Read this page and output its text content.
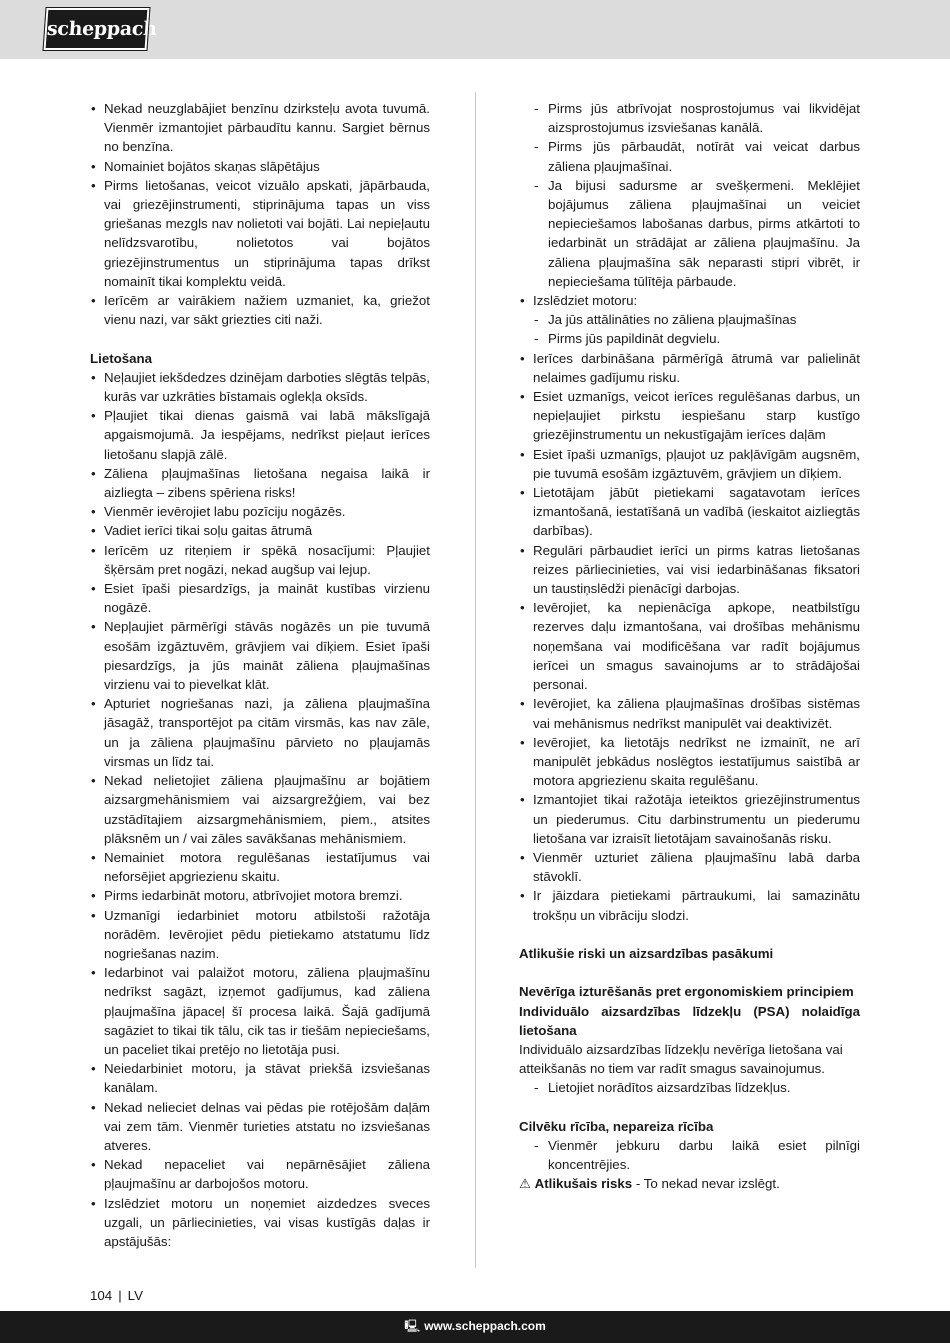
scheppach
• Nekad neuzglabājiet benzīnu dzirksteļu avota tuvumā. Vienmēr izmantojiet pārbaudītu kannu. Sargiet bērnus no benzīna.
• Nomainiet bojātos skaņas slāpētājus
• Pirms lietošanas, veicot vizuālo apskati, jāpārbauda, vai griezējinstrumenti, stiprinājuma tapas un viss griešanas mezgls nav nolietoti vai bojāti. Lai nepieļautu nelīdzsvarotību, nolietotos vai bojātos griezējinstrumentus un stiprinājuma tapas drīkst nomainīt tikai komplektu veidā.
• Ierīcēm ar vairākiem nažiem uzmaniet, ka, griežot vienu nazi, var sākt griezties citi naži.
Lietošana
• Neļaujiet iekšdedzes dzinējam darboties slēgtās telpās, kurās var uzkrāties bīstamais oglekļa oksīds.
• Pļaujiet tikai dienas gaismā vai labā mākslīgajā apgaismojumā. Ja iespējams, nedrīkst pieļaut ierīces lietošanu slapjā zālē.
• Zāliena pļaujmašīnas lietošana negaisa laikā ir aizliegta – zibens spēriena risks!
• Vienmēr ievērojiet labu pozīciju nogāzēs.
• Vadiet ierīci tikai soļu gaitas ātrumā
• Ierīcēm uz riteņiem ir spēkā nosacījumi: Pļaujiet šķērsām pret nogāzi, nekad augšup vai lejup.
• Esiet īpaši piesardzīgs, ja maināt kustības virzienu nogāzē.
• Nepļaujiet pārmērīgi stāvās nogāzēs un pie tuvumā esošām izgāztuvēm, grāvjiem vai dīķiem. Esiet īpaši piesardzīgs, ja jūs maināt zāliena pļaujmašīnas virzienu vai to pievelkat klāt.
• Apturiet nogriešanas nazi, ja zāliena pļaujmašīna jāsagāž, transportējot pa citām virsmās, kas nav zāle, un ja zāliena pļaujmašīnu pārvieto no pļaujamās virsmas un līdz tai.
• Nekad nelietojiet zāliena pļaujmašīnu ar bojātiem aizsargmehānismiem vai aizsargrežģiem, vai bez uzstādītajiem aizsargmehānismiem, piem., atsites plāksnēm un / vai zāles savākšanas mehānismiem.
• Nemainiet motora regulēšanas iestatījumus vai neforsējiet apgriezienu skaitu.
• Pirms iedarbināt motoru, atbrīvojiet motora bremzi.
• Uzmanīgi iedarbiniet motoru atbilstoši ražotāja norādēm. Ievērojiet pēdu pietiekamo atstatumu līdz nogriešanas nazim.
• Iedarbinot vai palaižot motoru, zāliena pļaujmašīnu nedrīkst sagāzt, izņemot gadījumus, kad zāliena pļaujmašīna jāpaceļ šī procesa laikā. Šajā gadījumā sagāziet to tikai tik tālu, cik tas ir tiešām nepieciešams, un paceliet tikai pretējo no lietotāja pusi.
• Neiedarbiniet motoru, ja stāvat priekšā izsviešanas kanālam.
• Nekad nelieciet delnas vai pēdas pie rotējošām daļām vai zem tām. Vienmēr turieties atstatu no izsviešanas atveres.
• Nekad nepaceliet vai nepārnēsājiet zāliena pļaujmašīnu ar darbojošos motoru.
• Izslēdziet motoru un noņemiet aizdedzes sveces uzgali, un pārliecinieties, vai visas kustīgās daļas ir apstājušās:
- Pirms jūs atbrīvojat nosprostojumus vai likvidējat aizsprostojumus izsviešanas kanālā.
- Pirms jūs pārbaudāt, notīrāt vai veicat darbus zāliena pļaujmašīnai.
- Ja bijusi sadursme ar svešķermeni. Meklējiet bojājumus zāliena pļaujmašīnai un veiciet nepieciešamos labošanas darbus, pirms atkārtoti to iedarbināt un strādājat ar zāliena pļaujmašīnu. Ja zāliena pļaujmašīna sāk neparasti stipri vibrēt, ir nepieciešama tūlītēja pārbaude.
• Izslēdziet motoru:
- Ja jūs attālināties no zāliena pļaujmašīnas
- Pirms jūs papildināt degvielu.
• Ierīces darbināšana pārmērīgā ātrumā var palielināt nelaimes gadījumu risku.
• Esiet uzmanīgs, veicot ierīces regulēšanas darbus, un nepieļaujiet pirkstu iespiešanu starp kustīgo griezējinstrumentu un nekustīgajām ierīces daļām
• Esiet īpaši uzmanīgs, pļaujot uz pakļāvīgām augsnēm, pie tuvumā esošām izgāztuvēm, grāvjiem un dīķiem.
• Lietotājam jābūt pietiekami sagatavotam ierīces izmantošanā, iestatīšanā un vadībā (ieskaitot aizliegtās darbības).
• Regulāri pārbaudiet ierīci un pirms katras lietošanas reizes pārliecinieties, vai visi iedarbināšanas fiksatori un taustiņslēdži pienācīgi darbojas.
• Ievērojiet, ka nepienācīga apkope, neatbilstīgu rezerves daļu izmantošana, vai drošības mehānismu noņemšana vai modificēšana var radīt bojājumus ierīcei un smagus savainojums ar to strādājošai personai.
• Ievērojiet, ka zāliena pļaujmašīnas drošības sistēmas vai mehānismus nedrīkst manipulēt vai deaktivizēt.
• Ievērojiet, ka lietotājs nedrīkst ne izmainīt, ne arī manipulēt jebkādus noslēgtos iestatījumus saistībā ar motora apgriezienu skaita regulēšanu.
• Izmantojiet tikai ražotāja ieteiktos griezējinstrumentus un piederumus. Citu darbinstrumentu un piederumu lietošana var izraisīt lietotājam savainošanās risku.
• Vienmēr uzturiet zāliena pļaujmašīnu labā darba stāvoklī.
• Ir jāizdara pietiekami pārtraukumi, lai samazinātu trokšņu un vibrāciju slodzi.
Atlikušie riski un aizsardzības pasākumi
Nevērīga izturēšanās pret ergonomiskiem principiem
Individuālo aizsardzības līdzekļu (PSA) nolaidīga lietošana
Individuālo aizsardzības līdzekļu nevērīga lietošana vai atteikšanās no tiem var radīt smagus savainojumus.
- Lietojiet norādītos aizsardzības līdzekļus.
Cilvēku rīcība, nepareiza rīcība
- Vienmēr jebkuru darbu laikā esiet pilnīgi koncentrējies.
⚠ Atlikušais risks - To nekad nevar izslēgt.
104 | LV
🖳 www.scheppach.com
